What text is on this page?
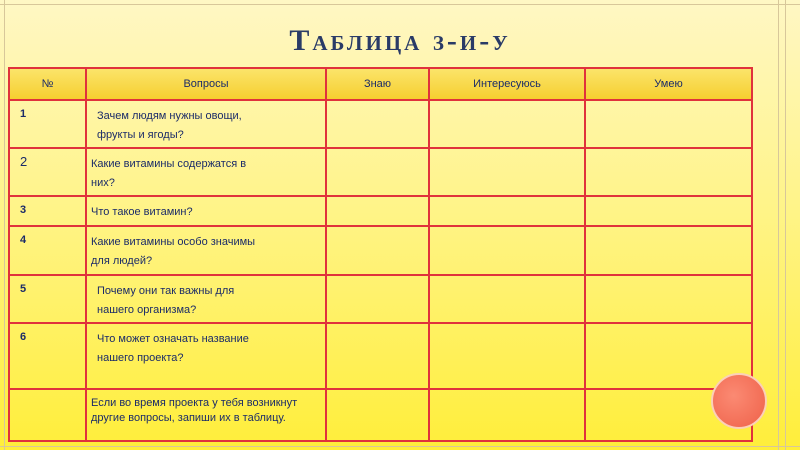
Таблица з-и-у
№	Вопросы	Знаю	Интересуюсь	Умею
1	Зачем людям нужны овощи,
фрукты и ягоды?			

2	Какие витамины содержатся в
них?			

3	Что такое витамин?			

4	Какие витамины особо значимы
для людей?			

5	Почему они так важны для
нашего организма?			

6	Что может означать название
нашего проекта?			

	Если во время проекта у тебя возникнут другие вопросы, запиши их в таблицу.			
